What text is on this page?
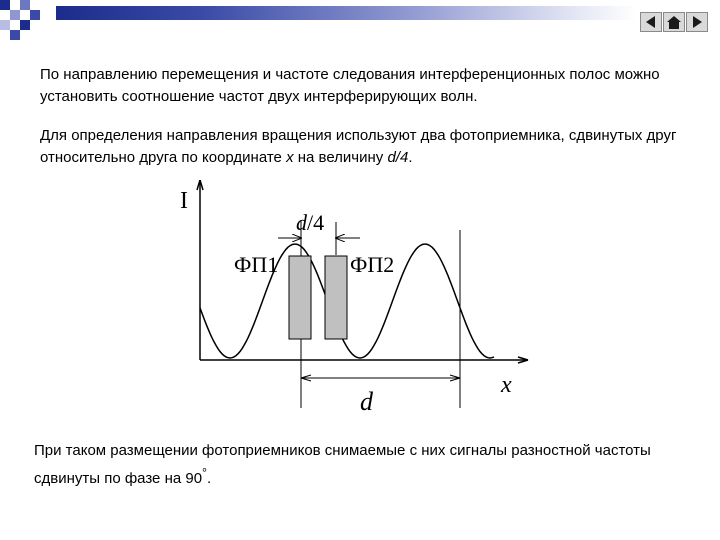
По направлению перемещения и частоте следования интерференционных полос можно установить соотношение частот двух интерферирующих волн.

Для определения направления вращения используют два фотоприемника, сдвинутых друг относительно друга по координате x на величину d/4.

d/4
I
x
ФП1	ФП2
d

При таком размещении фотоприемников снимаемые с них сигналы разностной частоты сдвинуты по фазе на 90°.
